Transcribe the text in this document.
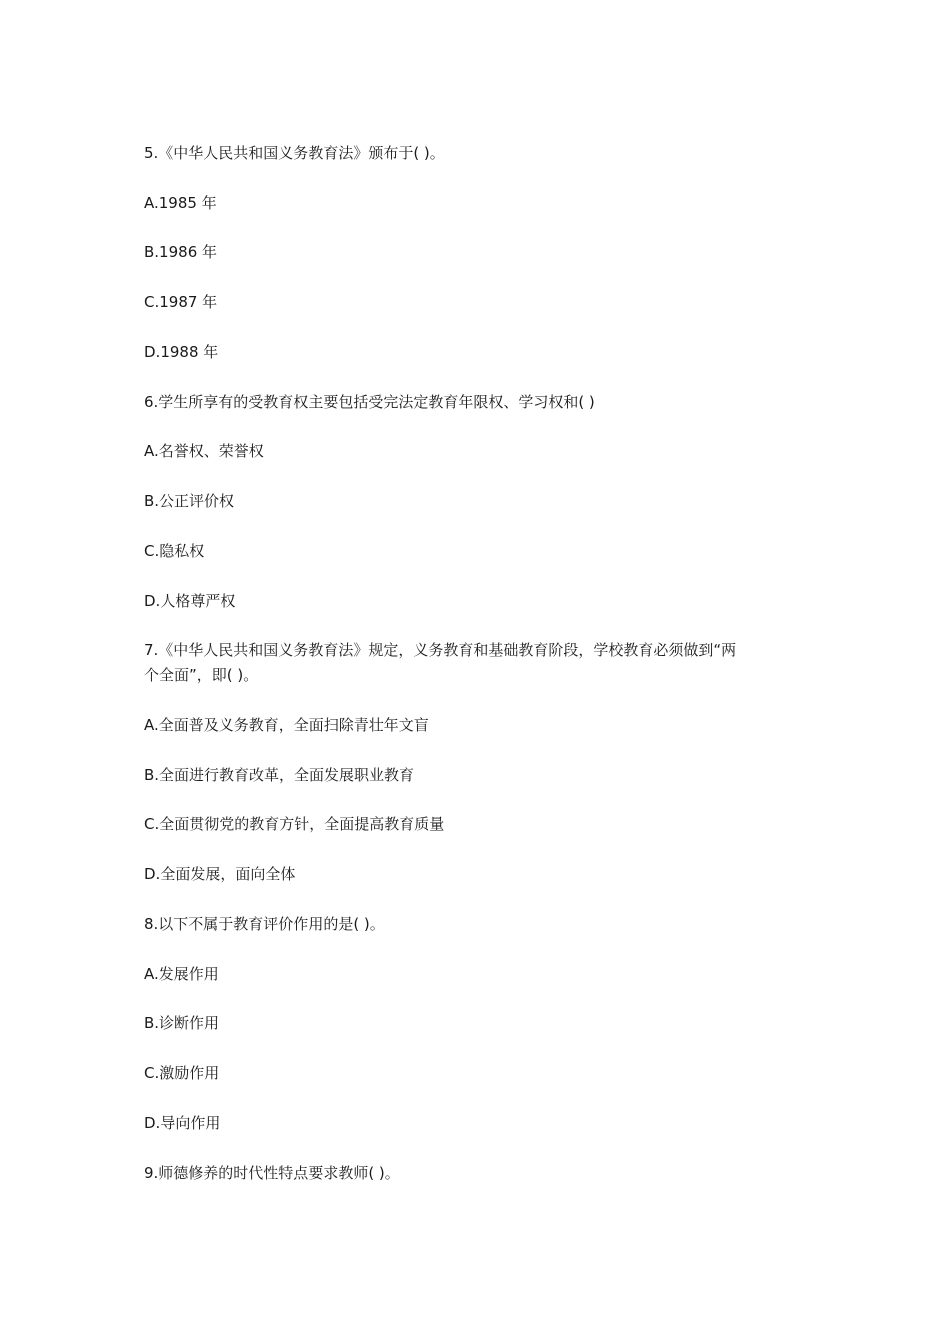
5.《中华人民共和国义务教育法》颁布于( )。
A.1985 年
B.1986 年
C.1987 年
D.1988 年
6.学生所享有的受教育权主要包括受完法定教育年限权、学习权和( )
A.名誉权、荣誉权
B.公正评价权
C.隐私权
D.人格尊严权
7.《中华人民共和国义务教育法》规定，义务教育和基础教育阶段，学校教育必须做到“两
个全面”，即( )。
A.全面普及义务教育，全面扫除青壮年文盲
B.全面进行教育改革，全面发展职业教育
C.全面贯彻党的教育方针，全面提高教育质量
D.全面发展，面向全体
8.以下不属于教育评价作用的是( )。
A.发展作用
B.诊断作用
C.激励作用
D.导向作用
9.师德修养的时代性特点要求教师( )。
